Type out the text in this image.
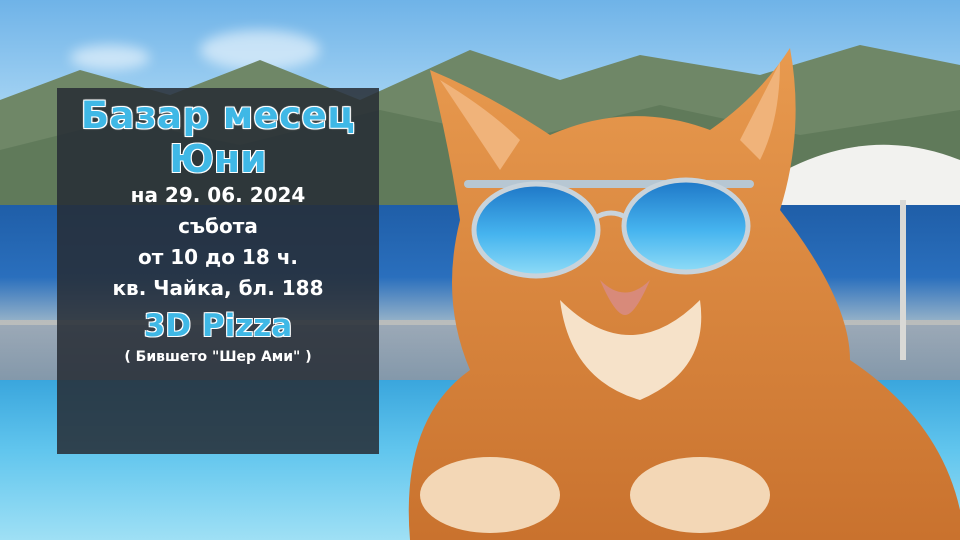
Базар месец
Юни
на 29. 06. 2024
събота
от 10 до 18 ч.
кв. Чайка, бл. 188
3D Pizza
( Бившето "Шер Ами" )
